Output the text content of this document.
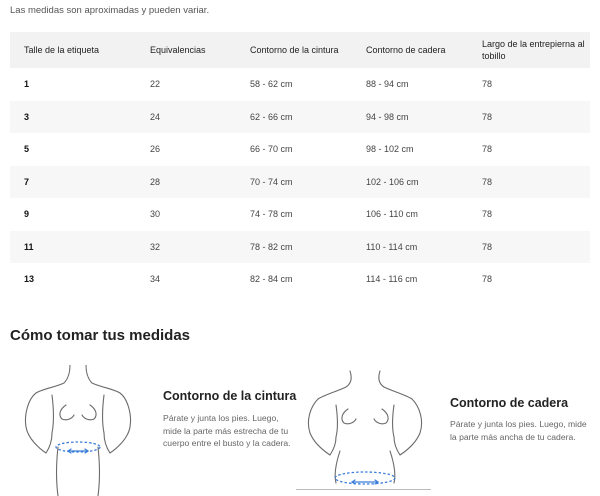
Las medidas son aproximadas y pueden variar.
Talle de la etiqueta	Equivalencias	Contorno de la cintura	Contorno de cadera	Largo de la entrepierna al tobillo
1	22	58 - 62 cm	88 - 94 cm	78
3	24	62 - 66 cm	94 - 98 cm	78
5	26	66 - 70 cm	98 - 102 cm	78
7	28	70 - 74 cm	102 - 106 cm	78
9	30	74 - 78 cm	106 - 110 cm	78
11	32	78 - 82 cm	110 - 114 cm	78
13	34	82 - 84 cm	114 - 116 cm	78
Cómo tomar tus medidas
Contorno de la cintura
Párate y junta los pies. Luego, mide la parte más estrecha de tu cuerpo entre el busto y la cadera.
Contorno de cadera
Párate y junta los pies. Luego, mide la parte más ancha de tu cadera.
